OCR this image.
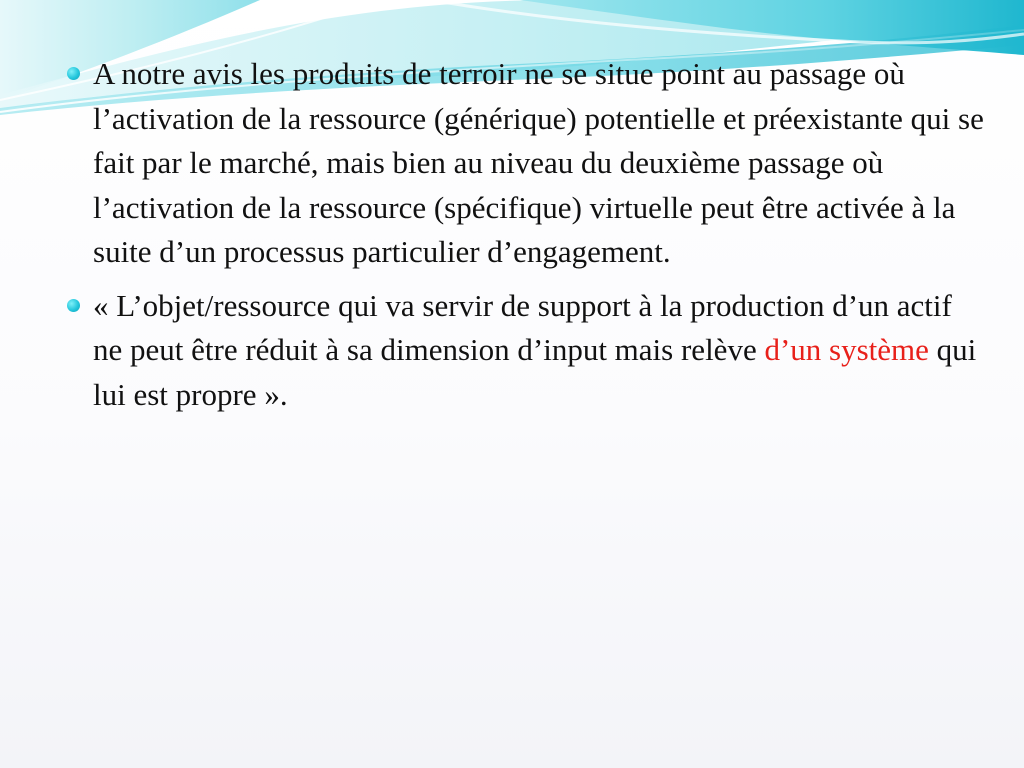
A notre avis les produits de terroir ne se situe point au passage où l’activation de la ressource (générique) potentielle et préexistante qui se fait par le marché, mais bien au niveau du deuxième passage où l’activation de la ressource (spécifique) virtuelle peut être activée à la suite d’un processus particulier d’engagement.
« L’objet/ressource qui va servir de support à la production d’un actif ne peut être réduit à sa dimension d’input mais relève d’un système qui lui est propre ».
